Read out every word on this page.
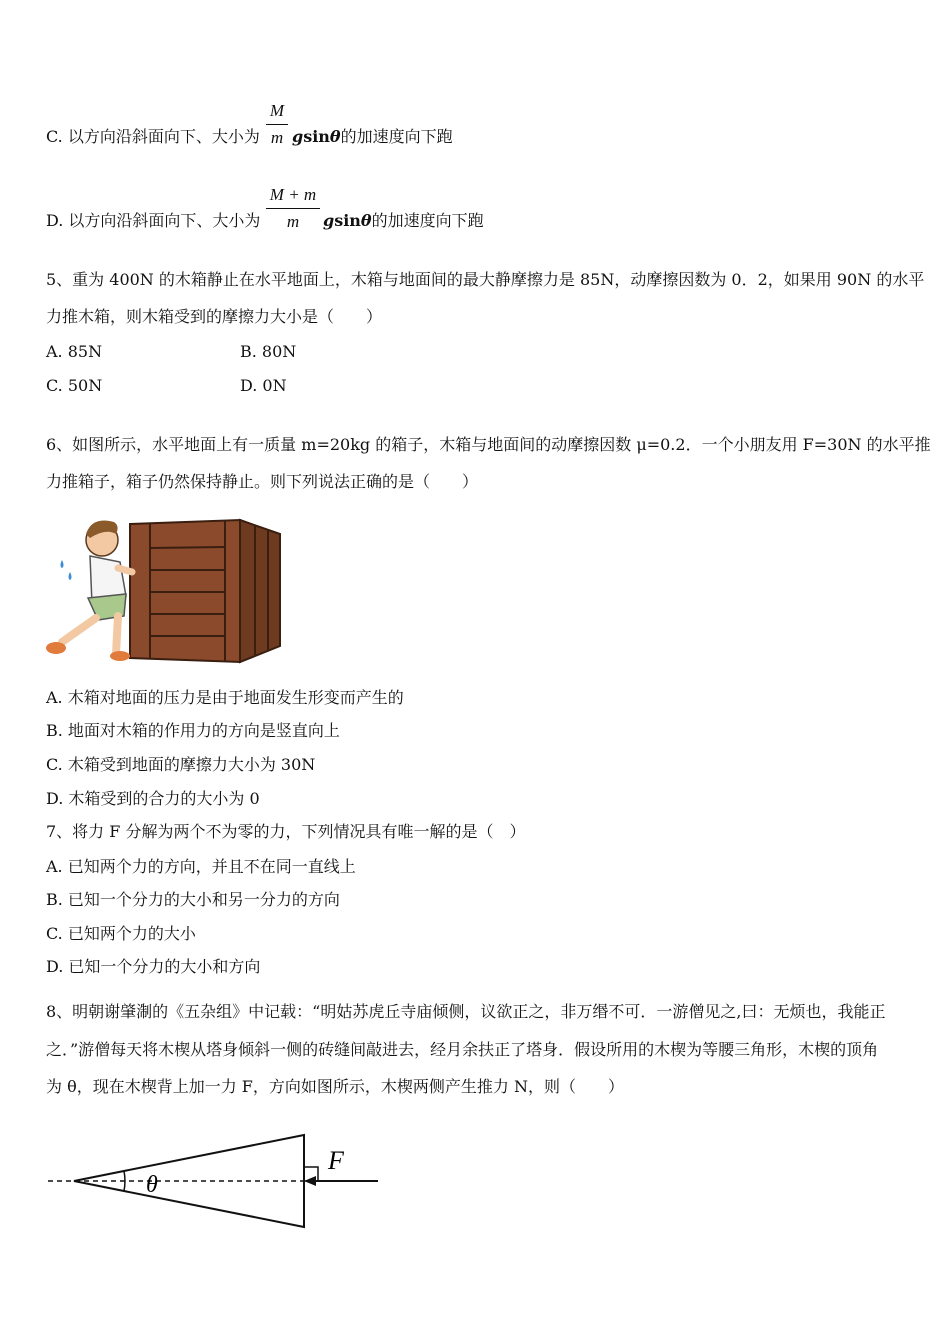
C. 以方向沿斜面向下、大小为 $\frac{M}{m}$ gsinθ的加速度向下跑
D. 以方向沿斜面向下、大小为 $\frac{M + m}{m}$ gsinθ的加速度向下跑
5、重为 400N 的木箱静止在水平地面上，木箱与地面间的最大静摩擦力是 85N，动摩擦因数为 0．2，如果用 90N 的水平
力推木箱，则木箱受到的摩擦力大小是（　　）
A. 85N	B. 80N
C. 50N	D. 0N
6、如图所示，水平地面上有一质量 m=20kg 的箱子，木箱与地面间的动摩擦因数 μ=0.2．一个小朋友用 F=30N 的水平推
力推箱子，箱子仍然保持静止。则下列说法正确的是（　　）
A. 木箱对地面的压力是由于地面发生形变而产生的
B. 地面对木箱的作用力的方向是竖直向上
C. 木箱受到地面的摩擦力大小为 30N
D. 木箱受到的合力的大小为 0
7、将力 F 分解为两个不为零的力，下列情况具有唯一解的是（　）
A. 已知两个力的方向，并且不在同一直线上
B. 已知一个分力的大小和另一分力的方向
C. 已知两个力的大小
D. 已知一个分力的大小和方向
8、明朝谢肇淛的《五杂组》中记载：“明姑苏虎丘寺庙倾侧，议欲正之，非万缗不可．一游僧见之,曰：无烦也，我能正
之．”游僧每天将木楔从塔身倾斜一侧的砖缝间敲进去，经月余扶正了塔身．假设所用的木楔为等腰三角形，木楔的顶角
为 θ，现在木楔背上加一力 F，方向如图所示，木楔两侧产生推力 N，则（　　）
F
θ
